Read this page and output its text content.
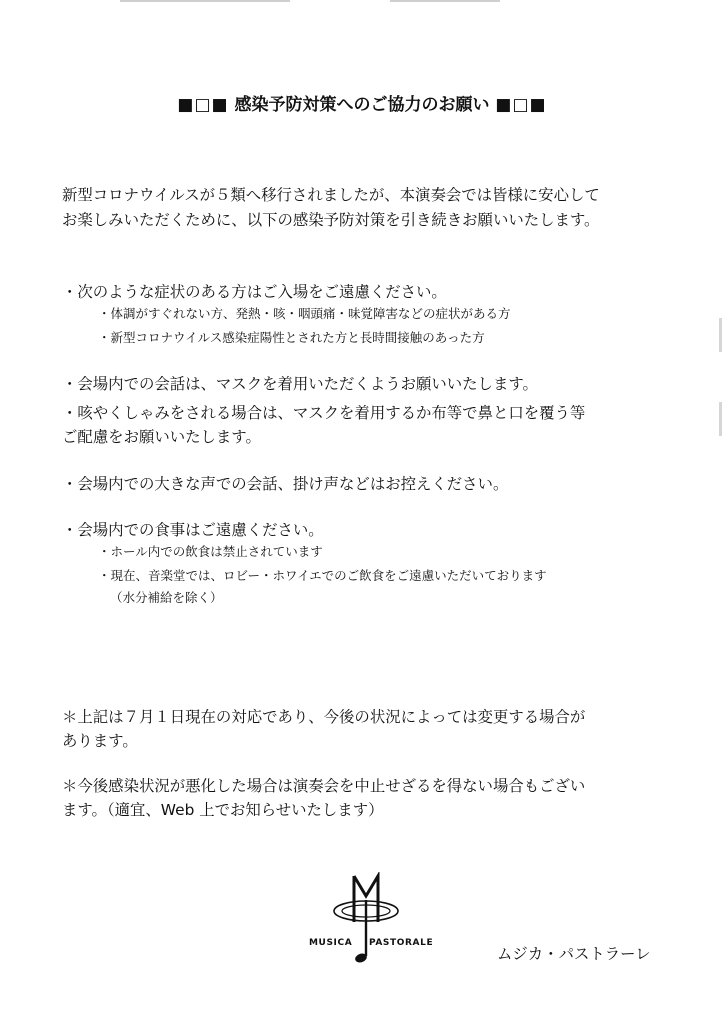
■□■ 感染予防対策へのご協力のお願い ■□■
新型コロナウイルスが５類へ移行されましたが、本演奏会では皆様に安心して
お楽しみいただくために、以下の感染予防対策を引き続きお願いいたします。
・次のような症状のある方はご入場をご遠慮ください。
・体調がすぐれない方、発熱・咳・咽頭痛・味覚障害などの症状がある方
・新型コロナウイルス感染症陽性とされた方と長時間接触のあった方
・会場内での会話は、マスクを着用いただくようお願いいたします。
・咳やくしゃみをされる場合は、マスクを着用するか布等で鼻と口を覆う等
ご配慮をお願いいたします。
・会場内での大きな声での会話、掛け声などはお控えください。
・会場内での食事はご遠慮ください。
・ホール内での飲食は禁止されています
・現在、音楽堂では、ロビー・ホワイエでのご飲食をご遠慮いただいております
（水分補給を除く）
＊上記は７月１日現在の対応であり、今後の状況によっては変更する場合が
あります。
＊今後感染状況が悪化した場合は演奏会を中止せざるを得ない場合もござい
ます。（適宜、Web 上でお知らせいたします）
MUSICA PASTORALE
ムジカ・パストラーレ
